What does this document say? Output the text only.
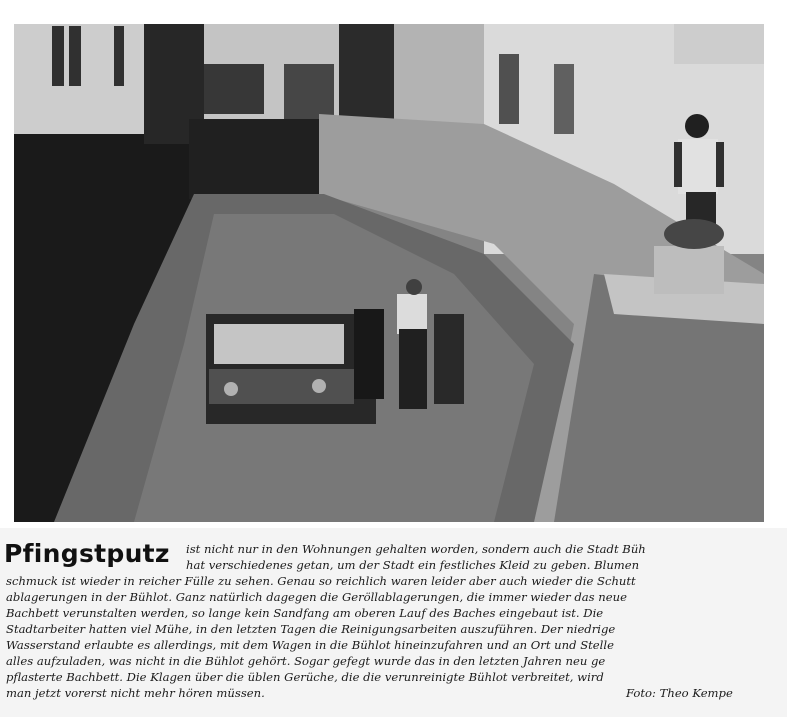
Pfingstputz ist nicht nur in den Wohnungen gehalten worden, sondern auch die Stadt Büh
hat verschiedenes getan, um der Stadt ein festliches Kleid zu geben. Blumen
schmuck ist wieder in reicher Fülle zu sehen. Genau so reichlich waren leider aber auch wieder die Schutt
ablagerungen in der Bühlot. Ganz natürlich dagegen die Geröllablagerungen, die immer wieder das neue
Bachbett verunstalten werden, so lange kein Sandfang am oberen Lauf des Baches eingebaut ist. Die
Stadtarbeiter hatten viel Mühe, in den letzten Tagen die Reinigungsarbeiten auszuführen. Der niedrige
Wasserstand erlaubte es allerdings, mit dem Wagen in die Bühlot hineinzufahren und an Ort und Stelle
alles aufzuladen, was nicht in die Bühlot gehört. Sogar gefegt wurde das in den letzten Jahren neu ge
pflasterte Bachbett. Die Klagen über die üblen Gerüche, die die verunreinigte Bühlot verbreitet, wird
man jetzt vorerst nicht mehr hören müssen.	Foto: Theo Kempe
